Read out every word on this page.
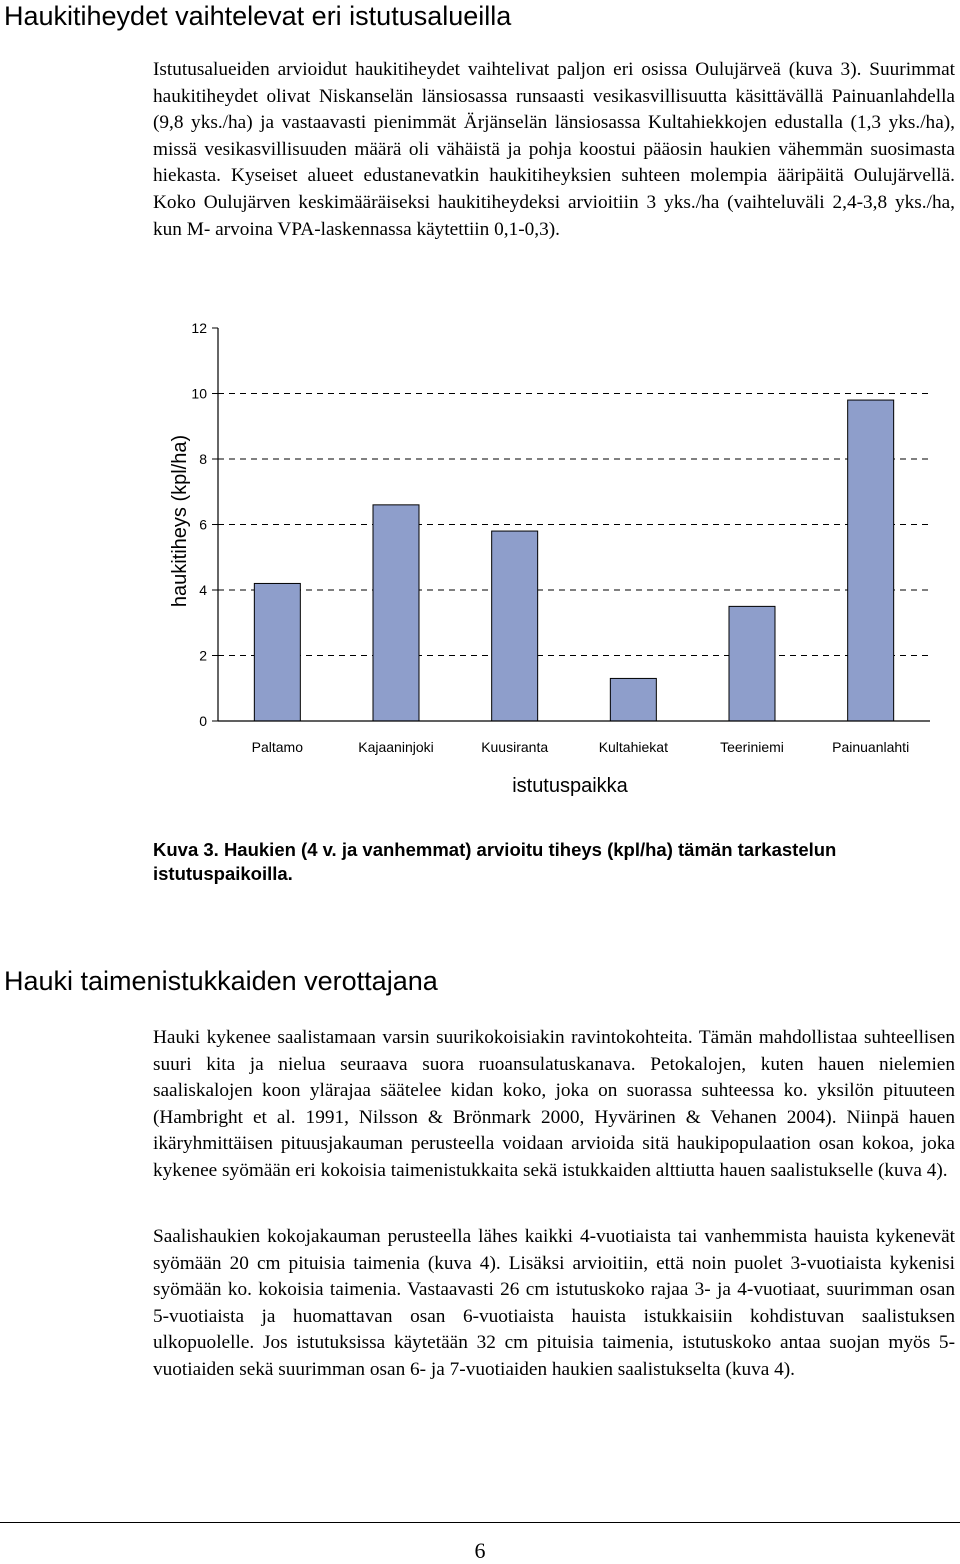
Haukitiheydet vaihtelevat eri istutusalueilla

Istutusalueiden arvioidut haukitiheydet vaihtelivat paljon eri osissa Oulujärveä (kuva 3). Suurimmat haukitiheydet olivat Niskanselän länsiosassa runsaasti vesikasvillisuutta käsittävällä Painuanlahdella (9,8 yks./ha) ja vastaavasti pienimmät Ärjänselän länsiosassa Kultahiekkojen edustalla (1,3 yks./ha), missä vesikasvillisuuden määrä oli vähäistä ja pohja koostui pääosin haukien vähemmän suosimasta hiekasta. Kyseiset alueet edustanevatkin haukitiheyksien suhteen molempia ääripäitä Oulujärvellä. Koko Oulujärven keskimääräiseksi haukitiheydeksi arvioitiin 3 yks./ha (vaihteluväli 2,4-3,8 yks./ha, kun M- arvoina VPA-laskennassa käytettiin 0,1-0,3).

0
2
4
6
8
10
12
Paltamo	Kajaaninjoki	Kuusiranta	Kultahiekat	Teeriniemi	Painuanlahti
haukitiheys (kpl/ha)
istutuspaikka

Kuva 3. Haukien (4 v. ja vanhemmat) arvioitu tiheys (kpl/ha) tämän tarkastelun istutuspaikoilla.

Hauki taimenistukkaiden verottajana

Hauki kykenee saalistamaan varsin suurikokoisiakin ravintokohteita. Tämän mahdollistaa suhteellisen suuri kita ja nielua seuraava suora ruoansulatuskanava. Petokalojen, kuten hauen nielemien saaliskalojen koon ylärajaa säätelee kidan koko, joka on suorassa suhteessa ko. yksilön pituuteen (Hambright et al. 1991, Nilsson & Brönmark 2000, Hyvärinen & Vehanen 2004). Niinpä hauen ikäryhmittäisen pituusjakauman perusteella voidaan arvioida sitä haukipopulaation osan kokoa, joka kykenee syömään eri kokoisia taimenistukkaita sekä istukkaiden alttiutta hauen saalistukselle (kuva 4).

Saalishaukien kokojakauman perusteella lähes kaikki 4-vuotiaista tai vanhemmista hauista kykenevät syömään 20 cm pituisia taimenia (kuva 4). Lisäksi arvioitiin, että noin puolet 3-vuotiaista kykenisi syömään ko. kokoisia taimenia. Vastaavasti 26 cm istutuskoko rajaa 3- ja 4-vuotiaat, suurimman osan 5-vuotiaista ja huomattavan osan 6-vuotiaista hauista istukkaisiin kohdistuvan saalistuksen ulkopuolelle. Jos istutuksissa käytetään 32 cm pituisia taimenia, istutuskoko antaa suojan myös 5-vuotiaiden sekä suurimman osan 6- ja 7-vuotiaiden haukien saalistukselta (kuva 4).

6
